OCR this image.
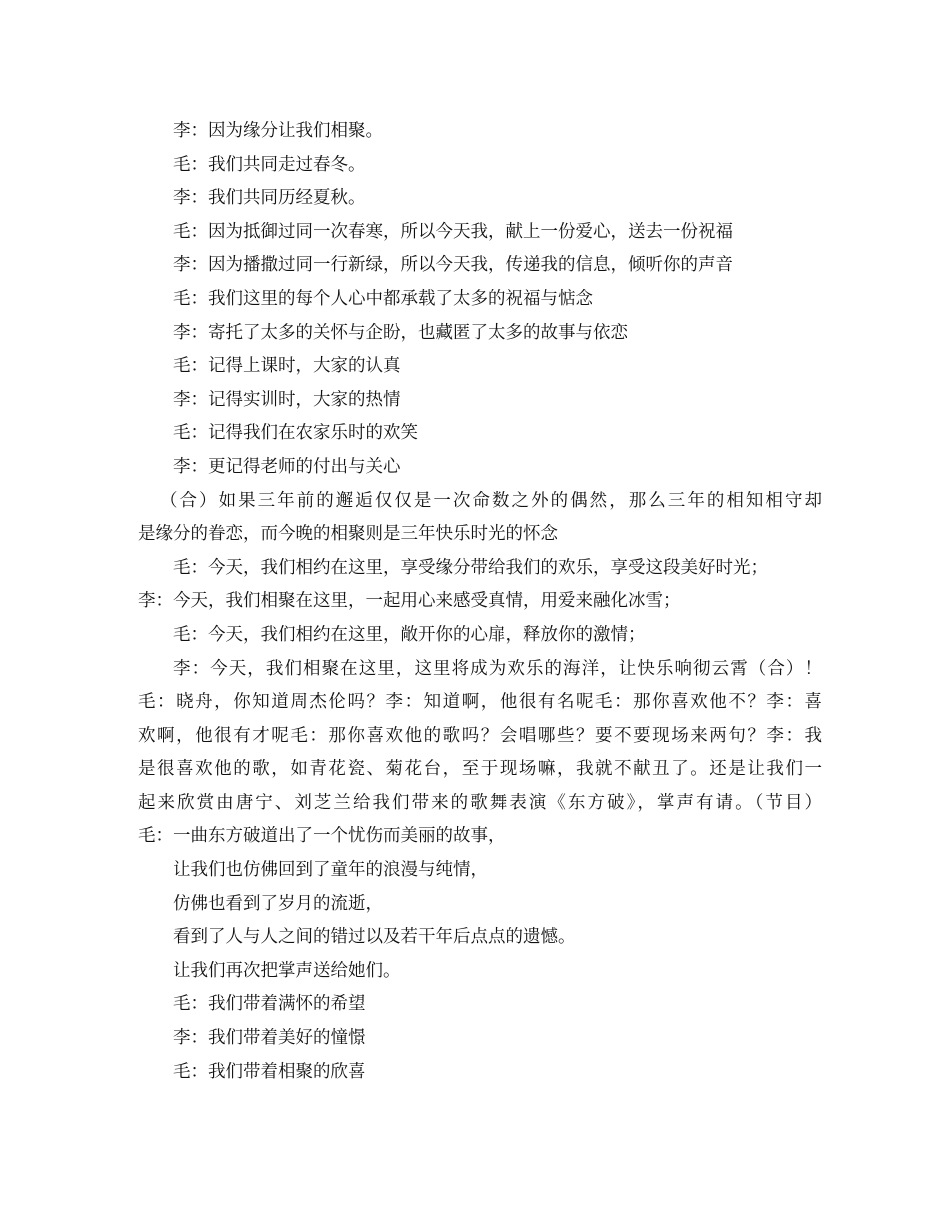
李：因为缘分让我们相聚。
毛：我们共同走过春冬。
李：我们共同历经夏秋。
毛：因为抵御过同一次春寒，所以今天我，献上一份爱心，送去一份祝福
李：因为播撒过同一行新绿，所以今天我，传递我的信息，倾听你的声音
毛：我们这里的每个人心中都承载了太多的祝福与惦念
李：寄托了太多的关怀与企盼，也藏匿了太多的故事与依恋
毛：记得上课时，大家的认真
李：记得实训时，大家的热情
毛：记得我们在农家乐时的欢笑
李：更记得老师的付出与关心
（合）如果三年前的邂逅仅仅是一次命数之外的偶然，那么三年的相知相守却
是缘分的眷恋，而今晚的相聚则是三年快乐时光的怀念
毛：今天，我们相约在这里，享受缘分带给我们的欢乐，享受这段美好时光；
李：今天，我们相聚在这里，一起用心来感受真情，用爱来融化冰雪；
毛：今天，我们相约在这里，敞开你的心扉，释放你的激情；
李：今天，我们相聚在这里，这里将成为欢乐的海洋，让快乐响彻云霄（合）！
毛：晓舟，你知道周杰伦吗？李：知道啊，他很有名呢毛：那你喜欢他不？李：喜
欢啊，他很有才呢毛：那你喜欢他的歌吗？会唱哪些？要不要现场来两句？李：我
是很喜欢他的歌，如青花瓷、菊花台，至于现场嘛，我就不献丑了。还是让我们一
起来欣赏由唐宁、刘芝兰给我们带来的歌舞表演《东方破》，掌声有请。（节目）
毛：一曲东方破道出了一个忧伤而美丽的故事，
让我们也仿佛回到了童年的浪漫与纯情，
仿佛也看到了岁月的流逝，
看到了人与人之间的错过以及若干年后点点的遗憾。
让我们再次把掌声送给她们。
毛：我们带着满怀的希望
李：我们带着美好的憧憬
毛：我们带着相聚的欣喜
